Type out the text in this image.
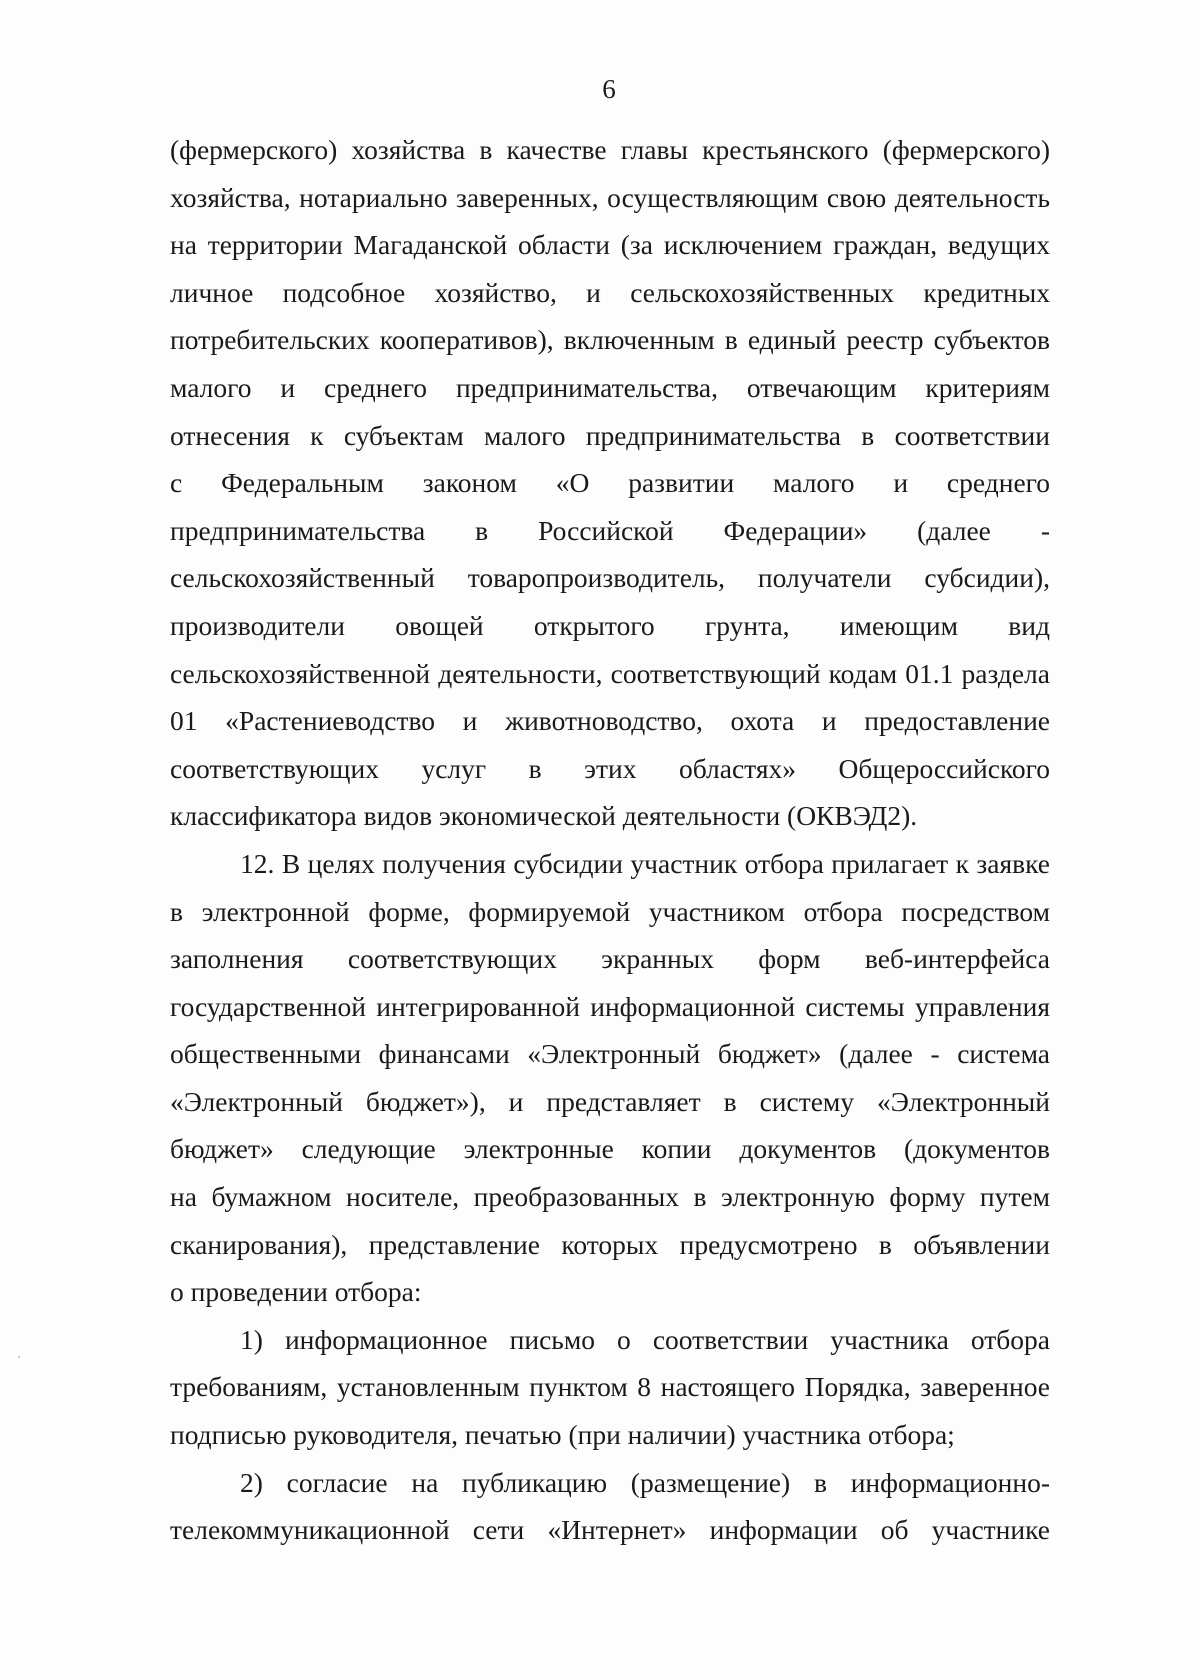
6
(фермерского) хозяйства в качестве главы крестьянского (фермерского)
хозяйства, нотариально заверенных, осуществляющим свою деятельность
на территории Магаданской области (за исключением граждан, ведущих
личное подсобное хозяйство, и сельскохозяйственных кредитных
потребительских кооперативов), включенным в единый реестр субъектов
малого и среднего предпринимательства, отвечающим критериям
отнесения к субъектам малого предпринимательства в соответствии
с Федеральным законом «О развитии малого и среднего
предпринимательства в Российской Федерации» (далее -
сельскохозяйственный товаропроизводитель, получатели субсидии),
производители овощей открытого грунта, имеющим вид
сельскохозяйственной деятельности, соответствующий кодам 01.1 раздела
01 «Растениеводство и животноводство, охота и предоставление
соответствующих услуг в этих областях» Общероссийского
классификатора видов экономической деятельности (ОКВЭД2).
12. В целях получения субсидии участник отбора прилагает к заявке
в электронной форме, формируемой участником отбора посредством
заполнения соответствующих экранных форм веб-интерфейса
государственной интегрированной информационной системы управления
общественными финансами «Электронный бюджет» (далее - система
«Электронный бюджет»), и представляет в систему «Электронный
бюджет» следующие электронные копии документов (документов
на бумажном носителе, преобразованных в электронную форму путем
сканирования), представление которых предусмотрено в объявлении
о проведении отбора:
1) информационное письмо о соответствии участника отбора
требованиям, установленным пунктом 8 настоящего Порядка, заверенное
подписью руководителя, печатью (при наличии) участника отбора;
2) согласие на публикацию (размещение) в информационно-
телекоммуникационной сети «Интернет» информации об участнике
